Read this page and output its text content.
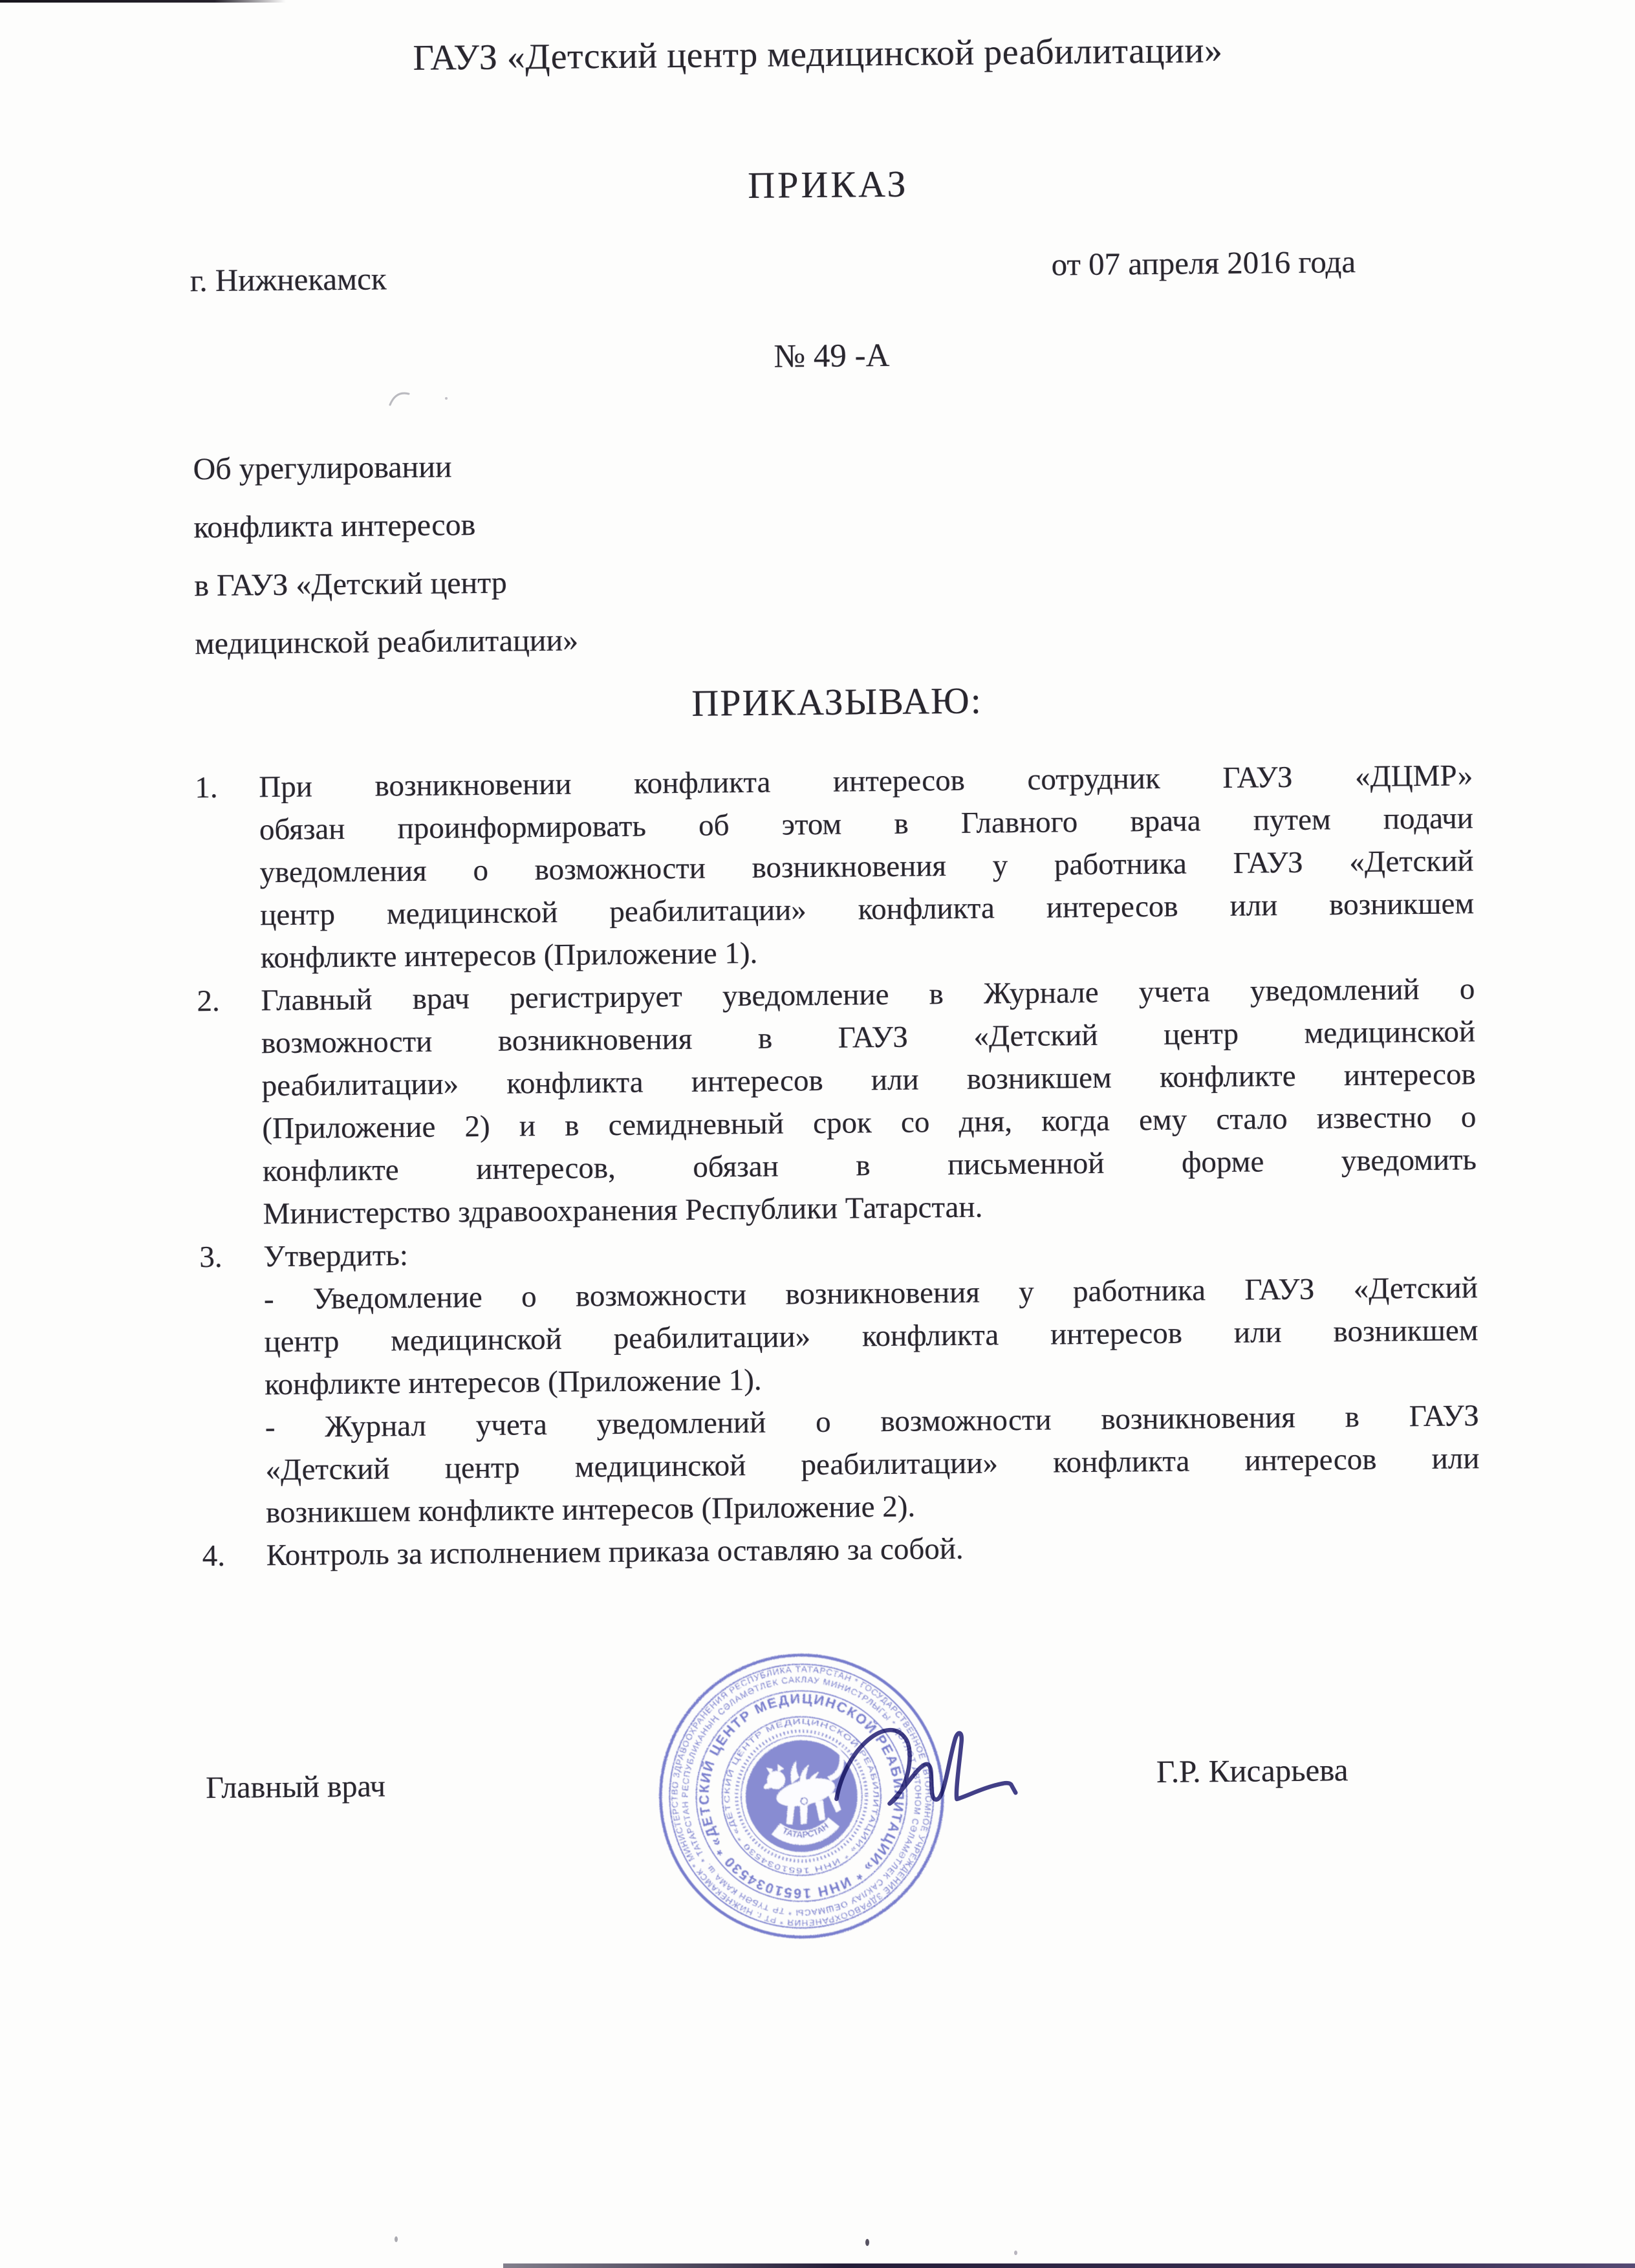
ГАУЗ «Детский центр медицинской реабилитации»
ПРИКАЗ
г. Нижнекамск	от 07 апреля 2016 года
№ 49 -А
Об урегулировании
конфликта интересов
в ГАУЗ «Детский центр
медицинской реабилитации»
ПРИКАЗЫВАЮ:
1. При возникновении конфликта интересов сотрудник ГАУЗ «ДЦМР»
обязан проинформировать об этом в Главного врача путем подачи
уведомления о возможности возникновения у работника ГАУЗ «Детский
центр медицинской реабилитации» конфликта интересов или возникшем
конфликте интересов (Приложение 1).
2. Главный врач регистрирует уведомление в Журнале учета уведомлений о
возможности возникновения в ГАУЗ «Детский центр медицинской
реабилитации» конфликта интересов или возникшем конфликте интересов
(Приложение 2) и в семидневный срок со дня, когда ему стало известно о
конфликте интересов, обязан в письменной форме уведомить
Министерство здравоохранения Республики Татарстан.
3. Утвердить:
- Уведомление о возможности возникновения у работника ГАУЗ «Детский
центр медицинской реабилитации» конфликта интересов или возникшем
конфликте интересов (Приложение 1).
- Журнал учета уведомлений о возможности возникновения в ГАУЗ
«Детский центр медицинской реабилитации» конфликта интересов или
возникшем конфликте интересов (Приложение 2).
4. Контроль за исполнением приказа оставляю за собой.
Главный врач	Г.Р. Кисарьева
МИНИСТЕРСТВО ЗДРАВООХРАНЕНИЯ РЕСПУБЛИКА ТАТАРСТАН * ГОСУДАРСТВЕННОЕ АВТОНОМНОЕ УЧРЕЖДЕНИЕ ЗДРАВООХРАНЕНИЯ * РТ г. НИЖНЕКАМСК *
ТАТАРСТАН РЕСПУБЛИКАНЫҢ СӘЛАМӘТЛЕК САКЛАУ МИНИСТРЛЫГЫ * ДӘҮЛӘТ АВТОНОМ СӘЛАМӘТЛЕК САКЛАУ ОЕШМАСЫ * ТР ТҮБӘН КАМА ш. *
«ДЕТСКИЙ ЦЕНТР МЕДИЦИНСКОЙ РЕАБИЛИТАЦИИ» * ИНН 1651034530 *
«ДЕТСКИЙ ЦЕНТР МЕДИЦИНСКОЙ РЕАБИЛИТАЦИИ» * ИНН 1651034530 *
ТАТАРСТАН
